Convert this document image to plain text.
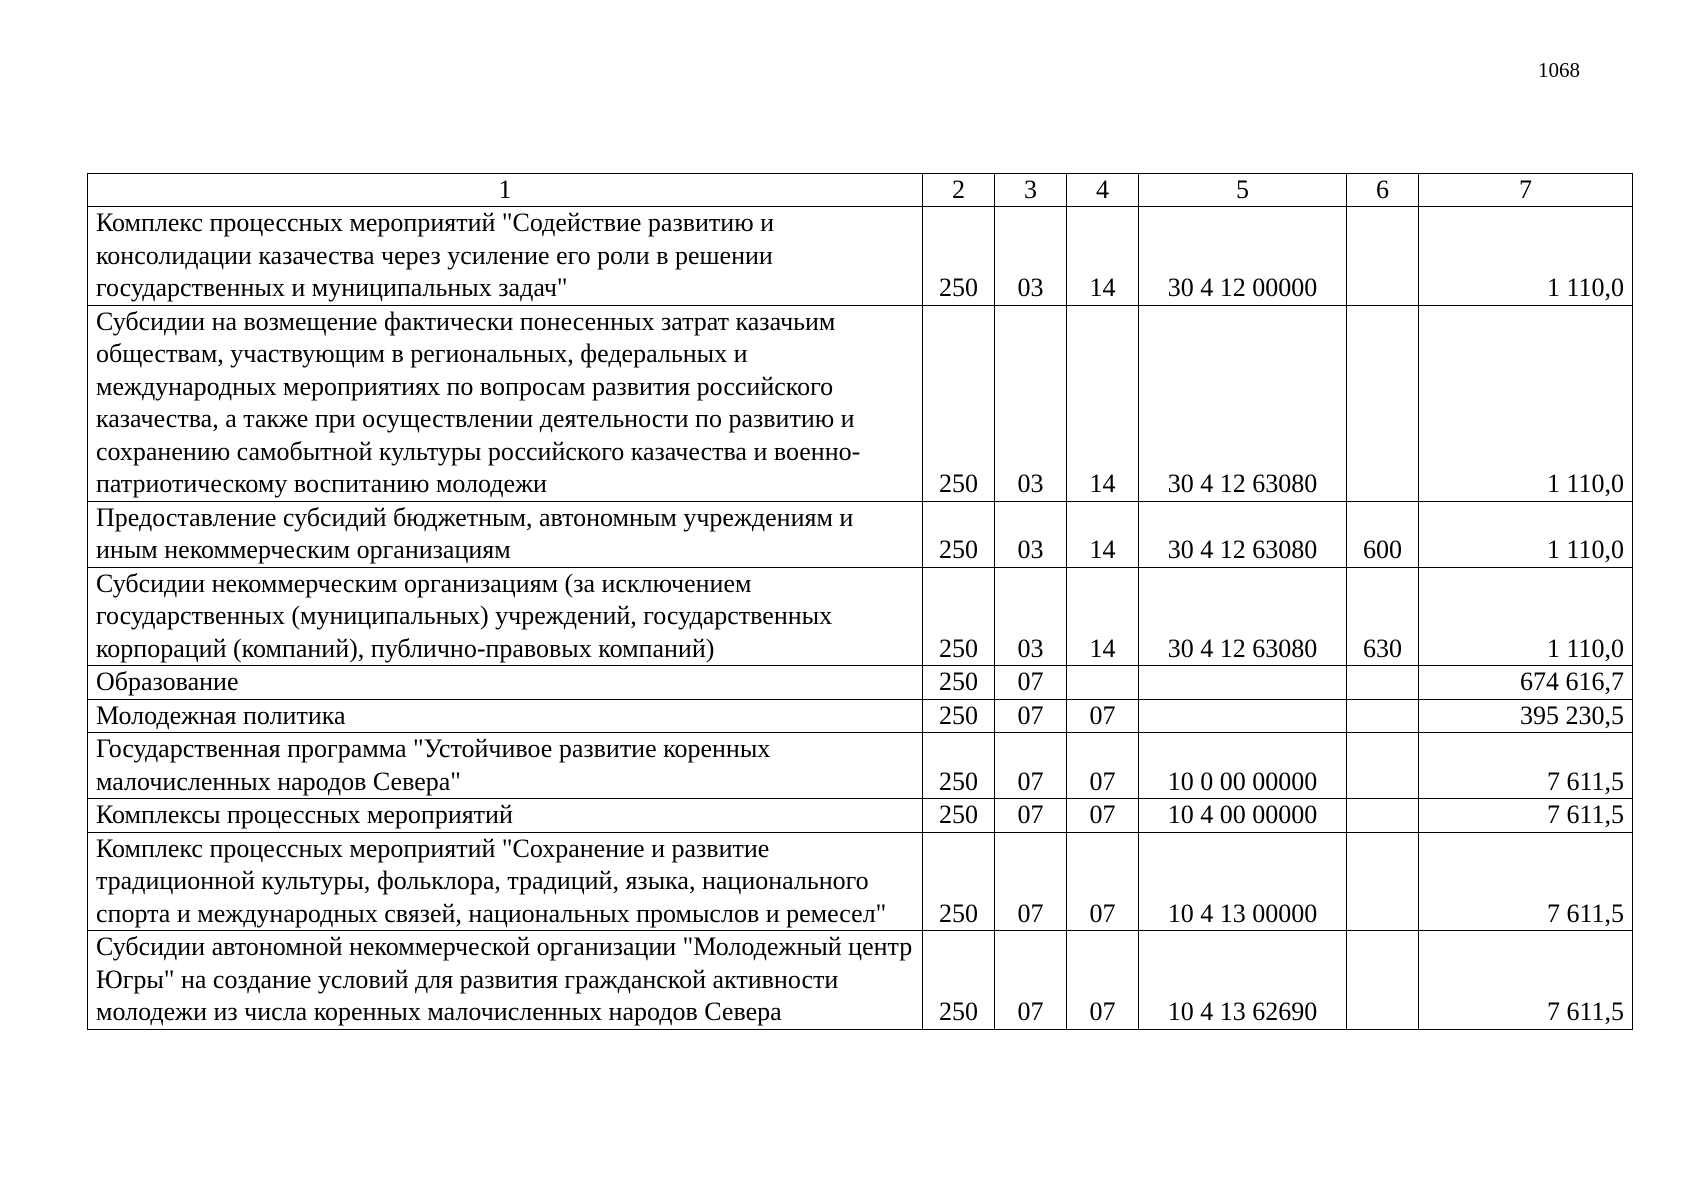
1068
1	2	3	4	5	6	7
Комплекс процессных мероприятий "Содействие развитию и консолидации казачества через усиление его роли в решении государственных и муниципальных задач"	250	03	14	30 4 12 00000		1 110,0
Субсидии на возмещение фактически понесенных затрат казачьим обществам, участвующим в региональных, федеральных и международных мероприятиях по вопросам развития российского казачества, а также при осуществлении деятельности по развитию и сохранению самобытной культуры российского казачества и военно-патриотическому воспитанию молодежи	250	03	14	30 4 12 63080		1 110,0
Предоставление субсидий бюджетным, автономным учреждениям и иным некоммерческим организациям	250	03	14	30 4 12 63080	600	1 110,0
Субсидии некоммерческим организациям (за исключением государственных (муниципальных) учреждений, государственных корпораций (компаний), публично-правовых компаний)	250	03	14	30 4 12 63080	630	1 110,0
Образование	250	07				674 616,7
Молодежная политика	250	07	07			395 230,5
Государственная программа "Устойчивое развитие коренных малочисленных народов Севера"	250	07	07	10 0 00 00000		7 611,5
Комплексы процессных мероприятий	250	07	07	10 4 00 00000		7 611,5
Комплекс процессных мероприятий "Сохранение и развитие традиционной культуры, фольклора, традиций, языка, национального спорта и международных связей, национальных промыслов и ремесел"	250	07	07	10 4 13 00000		7 611,5
Субсидии автономной некоммерческой организации "Молодежный центр Югры" на создание условий для развития гражданской активности молодежи из числа коренных малочисленных народов Севера	250	07	07	10 4 13 62690		7 611,5
